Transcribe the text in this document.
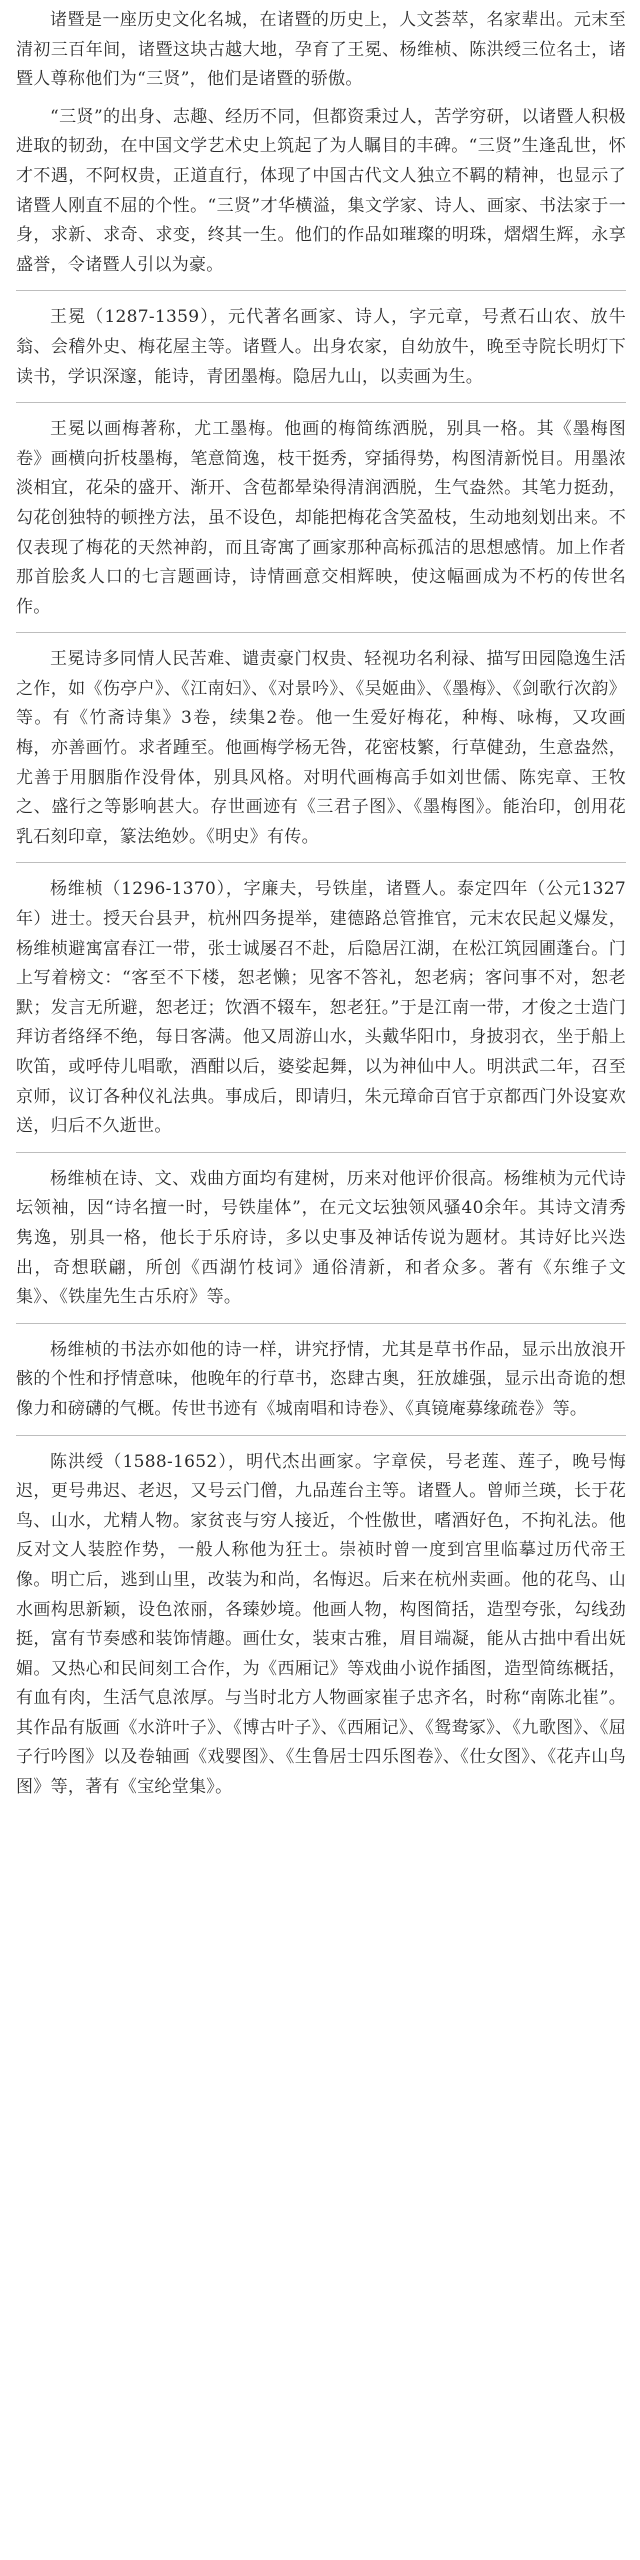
诸暨是一座历史文化名城，在诸暨的历史上，人文荟萃，名家辈出。元末至清初三百年间，诸暨这块古越大地，孕育了王冕、杨维桢、陈洪绶三位名士，诸暨人尊称他们为“三贤”，他们是诸暨的骄傲。

“三贤”的出身、志趣、经历不同，但都资秉过人，苦学穷研，以诸暨人积极进取的韧劲，在中国文学艺术史上筑起了为人瞩目的丰碑。“三贤”生逢乱世，怀才不遇，不阿权贵，正道直行，体现了中国古代文人独立不羁的精神，也显示了诸暨人刚直不屈的个性。“三贤”才华横溢，集文学家、诗人、画家、书法家于一身，求新、求奇、求变，终其一生。他们的作品如璀璨的明珠，熠熠生辉，永享盛誉，令诸暨人引以为豪。

王冕（1287-1359），元代著名画家、诗人，字元章，号煮石山农、放牛翁、会稽外史、梅花屋主等。诸暨人。出身农家，自幼放牛，晚至寺院长明灯下读书，学识深邃，能诗，青团墨梅。隐居九山，以卖画为生。

王冕以画梅著称，尤工墨梅。他画的梅简练洒脱，别具一格。其《墨梅图卷》画横向折枝墨梅，笔意简逸，枝干挺秀，穿插得势，构图清新悦目。用墨浓淡相宜，花朵的盛开、渐开、含苞都晕染得清润洒脱，生气盎然。其笔力挺劲，勾花创独特的顿挫方法，虽不设色，却能把梅花含笑盈枝，生动地刻划出来。不仅表现了梅花的天然神韵，而且寄寓了画家那种高标孤洁的思想感情。加上作者那首脍炙人口的七言题画诗，诗情画意交相辉映，使这幅画成为不朽的传世名作。

王冕诗多同情人民苦难、谴责豪门权贵、轻视功名利禄、描写田园隐逸生活之作，如《伤亭户》、《江南妇》、《对景吟》、《吴姬曲》、《墨梅》、《剑歌行次韵》等。有《竹斋诗集》3卷，续集2卷。他一生爱好梅花，种梅、咏梅，又攻画梅，亦善画竹。求者踵至。他画梅学杨无咎，花密枝繁，行草健劲，生意盎然，尤善于用胭脂作没骨体，别具风格。对明代画梅高手如刘世儒、陈宪章、王牧之、盛行之等影响甚大。存世画迹有《三君子图》、《墨梅图》。能治印，创用花乳石刻印章，篆法绝妙。《明史》有传。

杨维桢（1296-1370），字廉夫，号铁崖，诸暨人。泰定四年（公元1327年）进士。授天台县尹，杭州四务提举，建德路总管推官，元末农民起义爆发，杨维桢避寓富春江一带，张士诚屡召不赴，后隐居江湖，在松江筑园圃蓬台。门上写着榜文：“客至不下楼，恕老懒；见客不答礼，恕老病；客问事不对，恕老默；发言无所避，恕老迂；饮酒不辍车，恕老狂。”于是江南一带，才俊之士造门拜访者络绎不绝，每日客满。他又周游山水，头戴华阳巾，身披羽衣，坐于船上吹笛，或呼侍儿唱歌，酒酣以后，婆娑起舞，以为神仙中人。明洪武二年，召至京师，议订各种仪礼法典。事成后，即请归，朱元璋命百官于京都西门外设宴欢送，归后不久逝世。

杨维桢在诗、文、戏曲方面均有建树，历来对他评价很高。杨维桢为元代诗坛领袖，因“诗名擅一时，号铁崖体”，在元文坛独领风骚40余年。其诗文清秀隽逸，别具一格，他长于乐府诗，多以史事及神话传说为题材。其诗好比兴迭出，奇想联翩，所创《西湖竹枝词》通俗清新，和者众多。著有《东维子文集》、《铁崖先生古乐府》等。

杨维桢的书法亦如他的诗一样，讲究抒情，尤其是草书作品，显示出放浪开骸的个性和抒情意味，他晚年的行草书，恣肆古奥，狂放雄强，显示出奇诡的想像力和磅礴的气概。传世书迹有《城南唱和诗卷》、《真镜庵募缘疏卷》等。

陈洪绶（1588-1652），明代杰出画家。字章侯，号老莲、莲子，晚号悔迟，更号弗迟、老迟，又号云门僧，九品莲台主等。诸暨人。曾师兰瑛，长于花鸟、山水，尤精人物。家贫丧与穷人接近，个性傲世，嗜酒好色，不拘礼法。他反对文人装腔作势，一般人称他为狂士。崇祯时曾一度到宫里临摹过历代帝王像。明亡后，逃到山里，改装为和尚，名悔迟。后来在杭州卖画。他的花鸟、山水画构思新颖，设色浓丽，各臻妙境。他画人物，构图简括，造型夸张，勾线劲挺，富有节奏感和装饰情趣。画仕女，装束古雅，眉目端凝，能从古拙中看出妩媚。又热心和民间刻工合作，为《西厢记》等戏曲小说作插图，造型简练概括，有血有肉，生活气息浓厚。与当时北方人物画家崔子忠齐名，时称“南陈北崔”。其作品有版画《水浒叶子》、《博古叶子》、《西厢记》、《鸳鸯冢》、《九歌图》、《屈子行吟图》以及卷轴画《戏婴图》、《生鲁居士四乐图卷》、《仕女图》、《花卉山鸟图》等，著有《宝纶堂集》。
